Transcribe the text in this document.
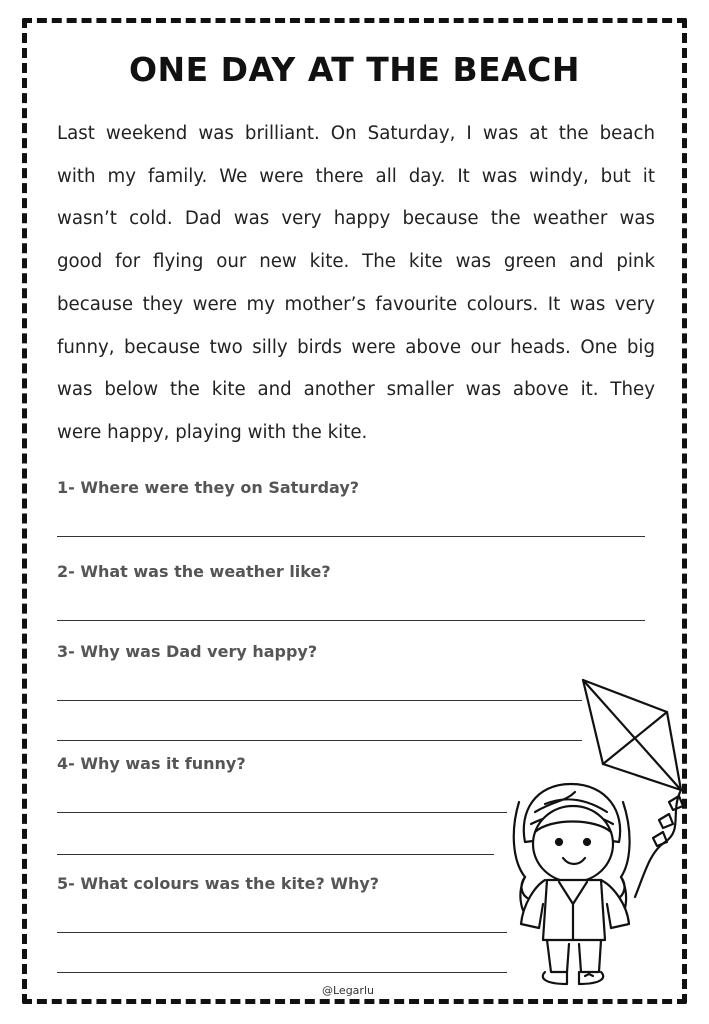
ONE DAY AT THE BEACH
Last weekend was brilliant. On Saturday, I was at the beach
with my family. We were there all day. It was windy, but it
wasn’t cold. Dad was very happy because the weather was
good for flying our new kite. The kite was green and pink
because they were my mother’s favourite colours. It was very
funny, because two silly birds were above our heads. One big
was below the kite and another smaller was above it. They
were happy, playing with the kite.
1- Where were they on Saturday?
2- What was the weather like?
3- Why was Dad very happy?
4- Why was it funny?
5- What colours was the kite? Why?
@Legarlu
